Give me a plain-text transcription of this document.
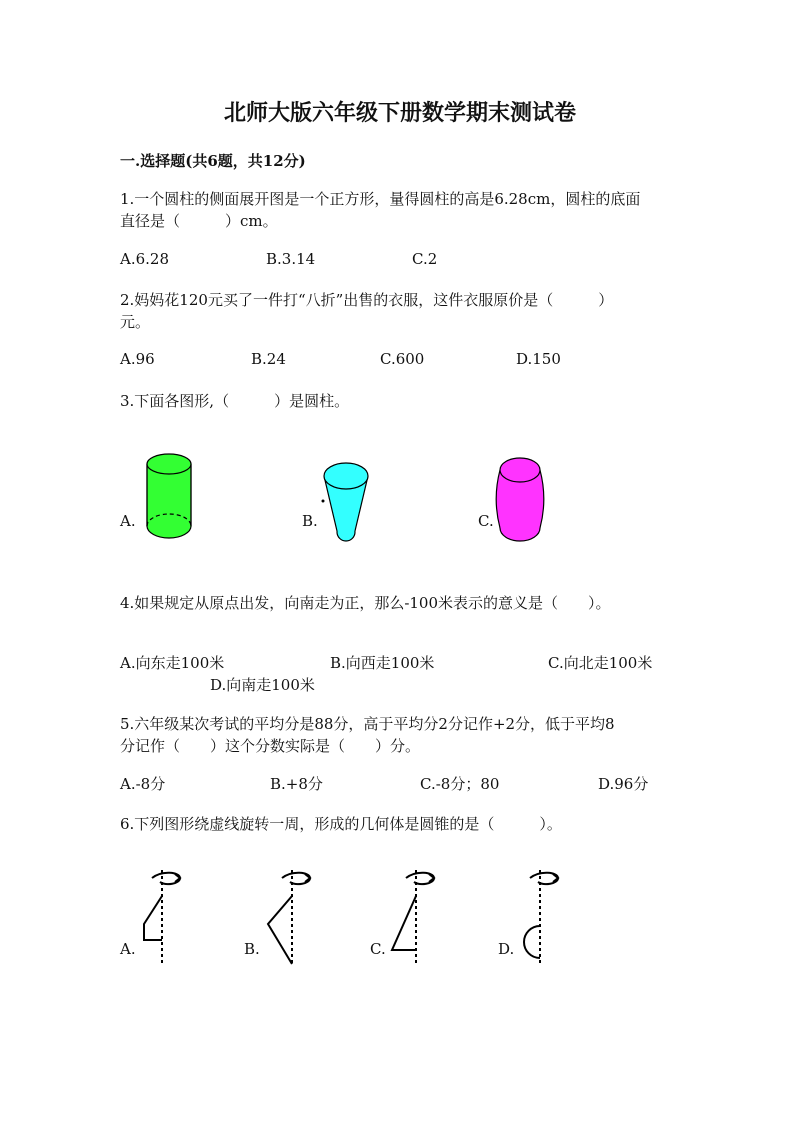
北师大版六年级下册数学期末测试卷
一.选择题(共6题，共12分)
1.一个圆柱的侧面展开图是一个正方形，量得圆柱的高是6.28cm，圆柱的底面
直径是（　　　）cm。
A.6.28	B.3.14	C.2
2.妈妈花120元买了一件打“八折”出售的衣服，这件衣服原价是（　　　）
元。
A.96	B.24	C.600	D.150
3.下面各图形,（　　　）是圆柱。
A.	B.	C.
4.如果规定从原点出发，向南走为正，那么-100米表示的意义是（　　）。
A.向东走100米	B.向西走100米	C.向北走100米
D.向南走100米
5.六年级某次考试的平均分是88分，高于平均分2分记作+2分，低于平均8
分记作（　　）这个分数实际是（　　）分。
A.-8分	B.+8分	C.-8分；80	D.96分
6.下列图形绕虚线旋转一周，形成的几何体是圆锥的是（　　　）。
A.	B.	C.	D.
